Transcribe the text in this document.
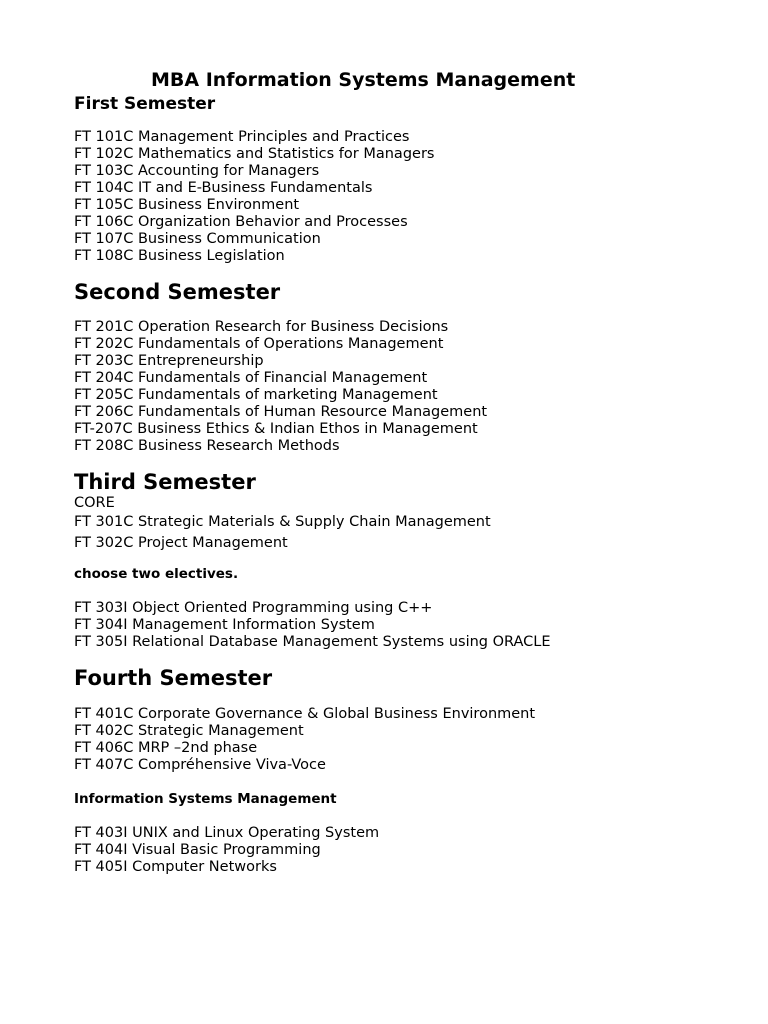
MBA Information Systems Management
First Semester
FT 101C Management Principles and Practices
FT 102C Mathematics and Statistics for Managers
FT 103C Accounting for Managers
FT 104C IT and E-Business Fundamentals
FT 105C Business Environment
FT 106C Organization Behavior and Processes
FT 107C Business Communication
FT 108C Business Legislation
Second Semester
FT 201C Operation Research for Business Decisions
FT 202C Fundamentals of Operations Management
FT 203C Entrepreneurship
FT 204C Fundamentals of Financial Management
FT 205C Fundamentals of marketing Management
FT 206C Fundamentals of Human Resource Management
FT-207C Business Ethics & Indian Ethos in Management
FT 208C Business Research Methods
Third Semester
CORE
FT 301C Strategic Materials & Supply Chain Management
FT 302C Project Management
choose two electives.
FT 303I Object Oriented Programming using C++
FT 304I Management Information System
FT 305I Relational Database Management Systems using ORACLE
Fourth Semester
FT 401C Corporate Governance & Global Business Environment
FT 402C Strategic Management
FT 406C MRP –2nd phase
FT 407C Compréhensive Viva-Voce
Information Systems Management
FT 403I UNIX and Linux Operating System
FT 404I Visual Basic Programming
FT 405I Computer Networks
